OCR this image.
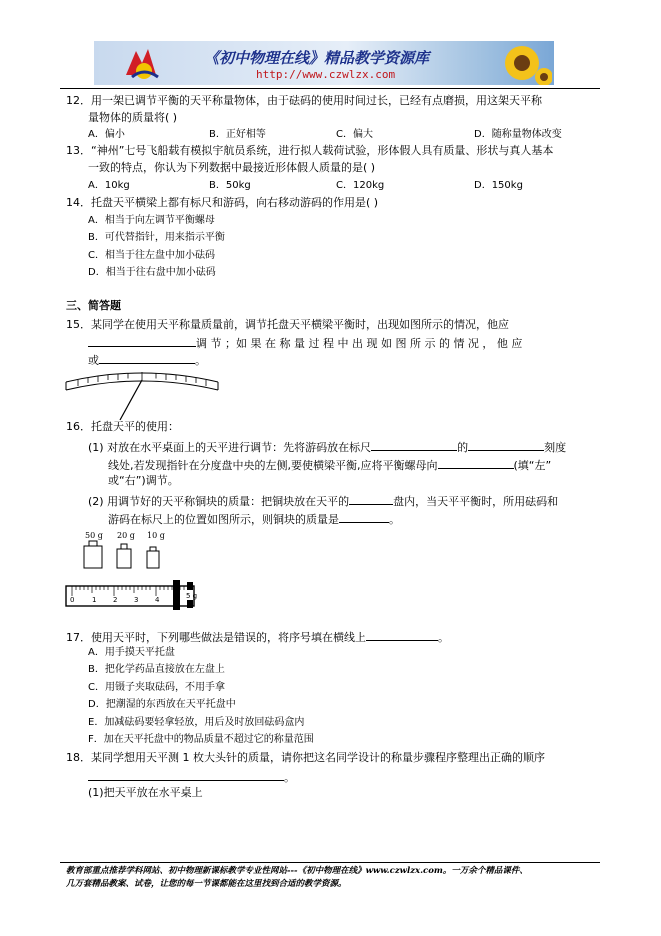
《初中物理在线》精品教学资源库
http://www.czwlzx.com
12．用一架已调节平衡的天平称量物体，由于砝码的使用时间过长，已经有点磨损，用这架天平称
量物体的质量将( )
A．偏小	B．正好相等	C．偏大	D．随称量物体改变
13．“神州”七号飞船载有模拟宇航员系统，进行拟人载荷试验，形体假人具有质量、形状与真人基本
一致的特点，你认为下列数据中最接近形体假人质量的是( )
A．10kg	B．50kg	C．120kg	D．150kg
14．托盘天平横梁上都有标尺和游码，向右移动游码的作用是( )
A．相当于向左调节平衡螺母
B．可代替指针，用来指示平衡
C．相当于往左盘中加小砝码
D．相当于往右盘中加小砝码
三、简答题
15．某同学在使用天平称量质量前，调节托盘天平横梁平衡时，出现如图所示的情况，他应
调 节 ；如 果 在 称 量 过 程 中 出 现 如 图 所 示 的 情 况 ， 他 应
或	。
16．托盘天平的使用：
(1) 对放在水平桌面上的天平进行调节：先将游码放在标尺	的	刻度
线处,若发现指针在分度盘中央的左侧,要使横梁平衡,应将平衡螺母向	(填“左”
或“右”)调节。
(2) 用调节好的天平称铜块的质量：把铜块放在天平的	盘内，当天平平衡时，所用砝码和
游码在标尺上的位置如图所示，则铜块的质量是	。
50 g 20 g 10 g
0	1 2 3 4	5 g
17．使用天平时，下列哪些做法是错误的，将序号填在横线上	。
A．用手摸天平托盘
B．把化学药品直接放在左盘上
C．用镊子夹取砝码，不用手拿
D．把潮湿的东西放在天平托盘中
E．加减砝码要轻拿轻放，用后及时放回砝码盒内
F．加在天平托盘中的物品质量不超过它的称量范围
18．某同学想用天平测 1 枚大头针的质量，请你把这名同学设计的称量步骤程序整理出正确的顺序
。
(1)把天平放在水平桌上
教育部重点推荐学科网站、初中物理新课标教学专业性网站---《初中物理在线》www.czwlzx.com。一万余个精品课件、
几万套精品教案、试卷，让您的每一节课都能在这里找到合适的教学资源。
